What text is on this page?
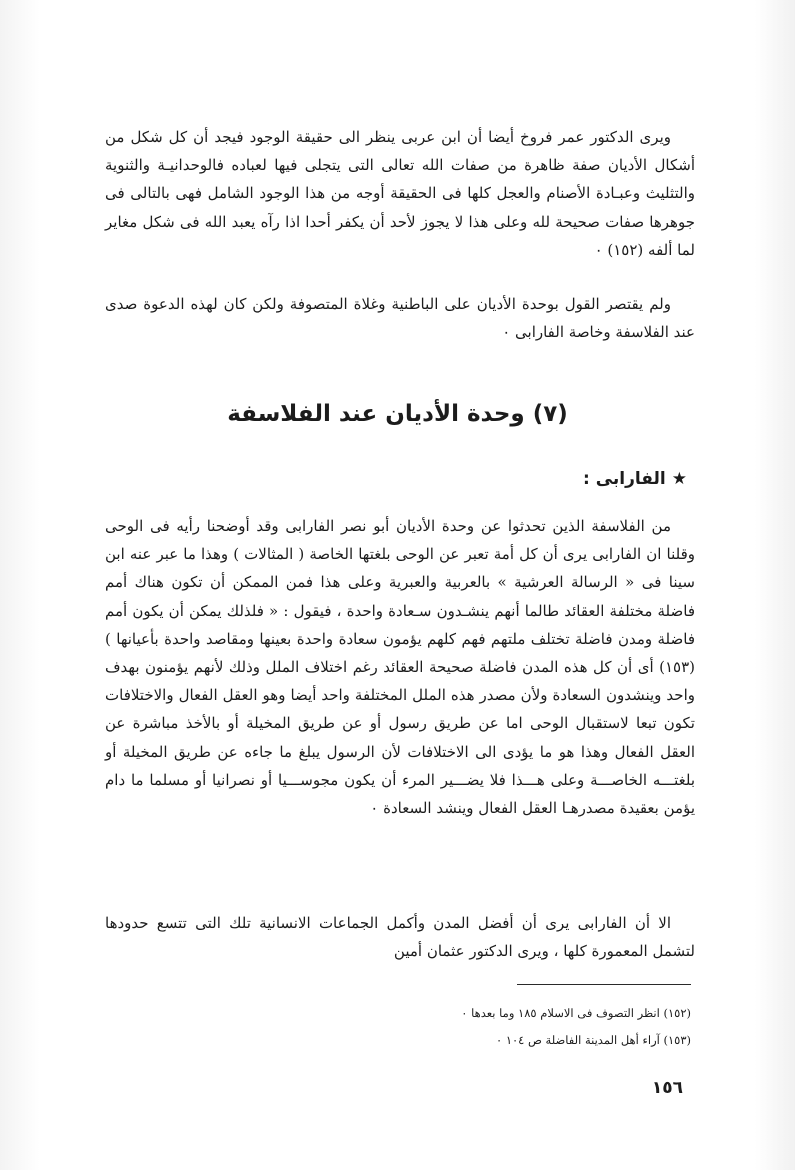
ويرى الدكتور عمر فروخ أيضا أن ابن عربى ينظر الى حقيقة الوجود فيجد أن كل شكل من أشكال الأديان صفة ظاهرة من صفات الله تعالى التى يتجلى فيها لعباده فالوحدانيـة والثنوية والتثليث وعبـادة الأصنام والعجل كلها فى الحقيقة أوجه من هذا الوجود الشامل فهى بالتالى فى جوهرها صفات صحيحة لله وعلى هذا لا يجوز لأحد أن يكفر أحدا اذا رآه يعبد الله فى شكل مغاير لما ألفه (١٥٢) ٠

ولم يقتصر القول بوحدة الأديان على الباطنية وغلاة المتصوفة ولكن كان لهذه الدعوة صدى عند الفلاسفة وخاصة الفارابى ٠

(٧) وحدة الأديان عند الفلاسفة
★
الفارابى :

من الفلاسفة الذين تحدثوا عن وحدة الأديان أبو نصر الفارابى وقد أوضحنا رأيه فى الوحى وقلنا ان الفارابى يرى أن كل أمة تعبر عن الوحى بلغتها الخاصة ( المثالات ) وهذا ما عبر عنه ابن سينا فى « الرسالة العرشية » بالعربية والعبرية وعلى هذا فمن الممكن أن تكون هناك أمم فاضلة مختلفة العقائد طالما أنهم ينشـدون سـعادة واحدة ، فيقول : « فلذلك يمكن أن يكون أمم فاضلة ومدن فاضلة تختلف ملتهم فهم كلهم يؤمون سعادة واحدة بعينها ومقاصد واحدة بأعيانها ) (١٥٣) أى أن كل هذه المدن فاضلة صحيحة العقائد رغم اختلاف الملل وذلك لأنهم يؤمنون بهدف واحد وينشدون السعادة ولأن مصدر هذه الملل المختلفة واحد أيضا وهو العقل الفعال والاختلافات تكون تبعا لاستقبال الوحى اما عن طريق رسول أو عن طريق المخيلة أو بالأخذ مباشرة عن العقل الفعال وهذا هو ما يؤدى الى الاختلافات لأن الرسول يبلغ ما جاءه عن طريق المخيلة أو بلغتـــه الخاصـــة وعلى هـــذا فلا يضـــير المرء أن يكون مجوســـيا أو نصرانيا أو مسلما ما دام يؤمن بعقيدة مصدرهـا العقل الفعال وينشد السعادة ٠

الا أن الفارابى يرى أن أفضل المدن وأكمل الجماعات الانسانية تلك التى تتسع حدودها لتشمل المعمورة كلها ، ويرى الدكتور عثمان أمين

(١٥٢) انظر التصوف فى الاسلام ١٨٥ وما بعدها ٠
(١٥٣) آراء أهل المدينة الفاضلة ص ١٠٤ ٠
١٥٦
